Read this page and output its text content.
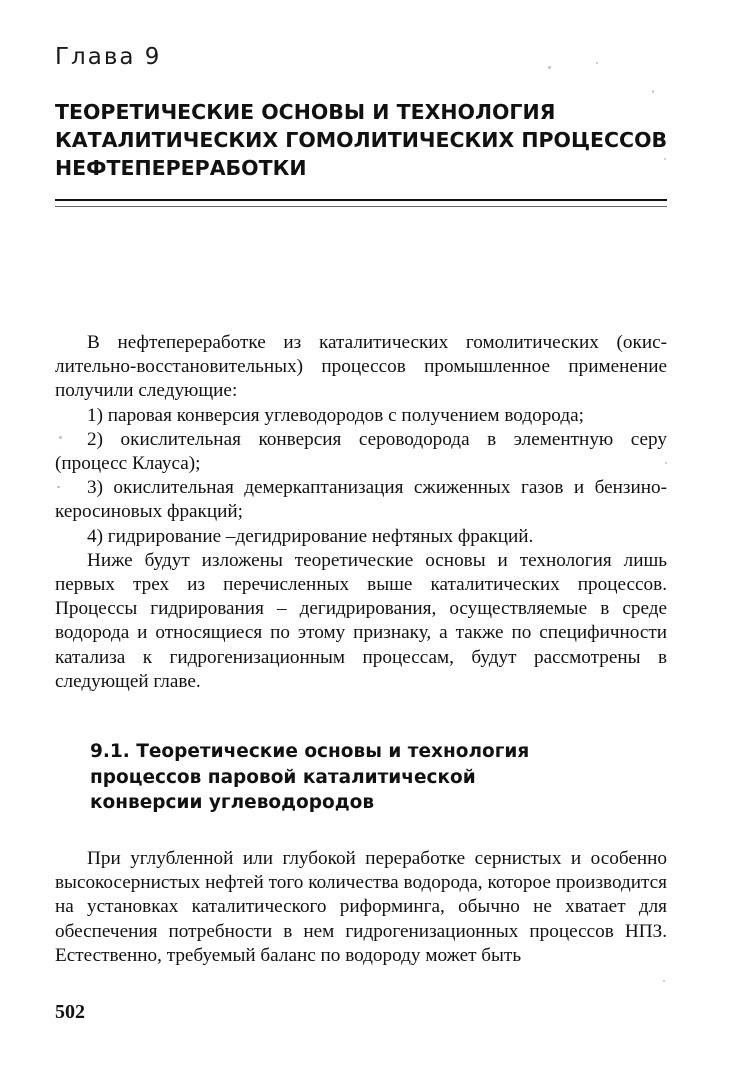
Глава 9
ТЕОРЕТИЧЕСКИЕ ОСНОВЫ И ТЕХНОЛОГИЯ
КАТАЛИТИЧЕСКИХ ГОМОЛИТИЧЕСКИХ ПРОЦЕССОВ
НЕФТЕПЕРЕРАБОТКИ

В нефтепереработке из каталитических гомолитических (окислительно-восстановительных) процессов промышленное применение получили следующие:

1) паровая конверсия углеводородов с получением водорода;

2) окислительная конверсия сероводорода в элементную серу (процесс Клауса);

3) окислительная демеркаптанизация сжиженных газов и бензино-керосиновых фракций;

4) гидрирование –дегидрирование нефтяных фракций.

Ниже будут изложены теоретические основы и технология лишь первых трех из перечисленных выше каталитических процессов. Процессы гидрирования – дегидрирования, осуществляемые в среде водорода и относящиеся по этому признаку, а также по специфичности катализа к гидрогенизационным процессам, будут рассмотрены в следующей главе.

9.1. Теоретические основы и технология
процессов паровой каталитической
конверсии углеводородов

При углубленной или глубокой переработке сернистых и особенно высокосернистых нефтей того количества водорода, которое производится на установках каталитического риформинга, обычно не хватает для обеспечения потребности в нем гидрогенизационных процессов НПЗ. Естественно, требуемый баланс по водороду может быть

502
